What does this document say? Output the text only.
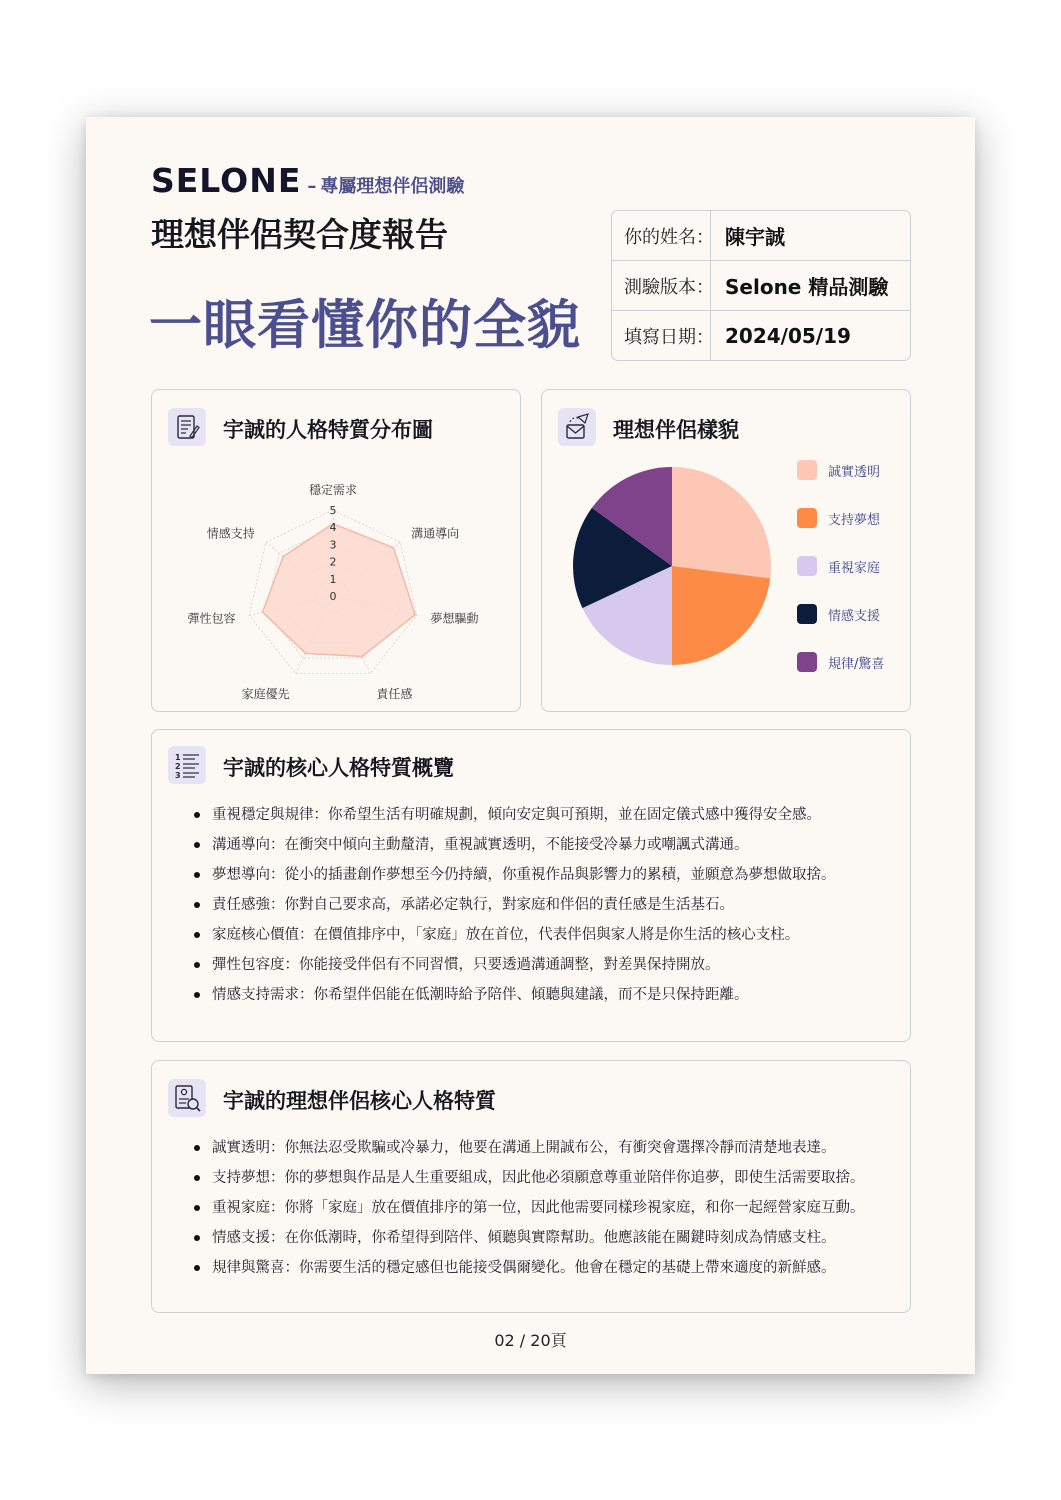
SELONE – 專屬理想伴侶測驗
理想伴侶契合度報告
一眼看懂你的全貌
你的姓名： 陳宇誠
測驗版本： Selone 精品測驗
填寫日期： 2024/05/19
宇誠的人格特質分布圖
0
1
2
3
4
5
穩定需求
溝通導向
夢想驅動
責任感
家庭優先
彈性包容
情感支持
理想伴侶樣貌
誠實透明
支持夢想
重視家庭
情感支援
規律/驚喜
1
2
3 宇誠的核心人格特質概覽
重視穩定與規律：你希望生活有明確規劃，傾向安定與可預期，並在固定儀式感中獲得安全感。
溝通導向：在衝突中傾向主動釐清，重視誠實透明，不能接受冷暴力或嘲諷式溝通。
夢想導向：從小的插畫創作夢想至今仍持續，你重視作品與影響力的累積，並願意為夢想做取捨。
責任感強：你對自己要求高，承諾必定執行，對家庭和伴侶的責任感是生活基石。
家庭核心價值：在價值排序中，「家庭」放在首位，代表伴侶與家人將是你生活的核心支柱。
彈性包容度：你能接受伴侶有不同習慣，只要透過溝通調整，對差異保持開放。
情感支持需求：你希望伴侶能在低潮時給予陪伴、傾聽與建議，而不是只保持距離。
宇誠的理想伴侶核心人格特質
誠實透明：你無法忍受欺騙或冷暴力，他要在溝通上開誠布公，有衝突會選擇冷靜而清楚地表達。
支持夢想：你的夢想與作品是人生重要組成，因此他必須願意尊重並陪伴你追夢，即使生活需要取捨。
重視家庭：你將「家庭」放在價值排序的第一位，因此他需要同樣珍視家庭，和你一起經營家庭互動。
情感支援：在你低潮時，你希望得到陪伴、傾聽與實際幫助。他應該能在關鍵時刻成為情感支柱。
規律與驚喜：你需要生活的穩定感但也能接受偶爾變化。他會在穩定的基礎上帶來適度的新鮮感。
02 / 20頁
